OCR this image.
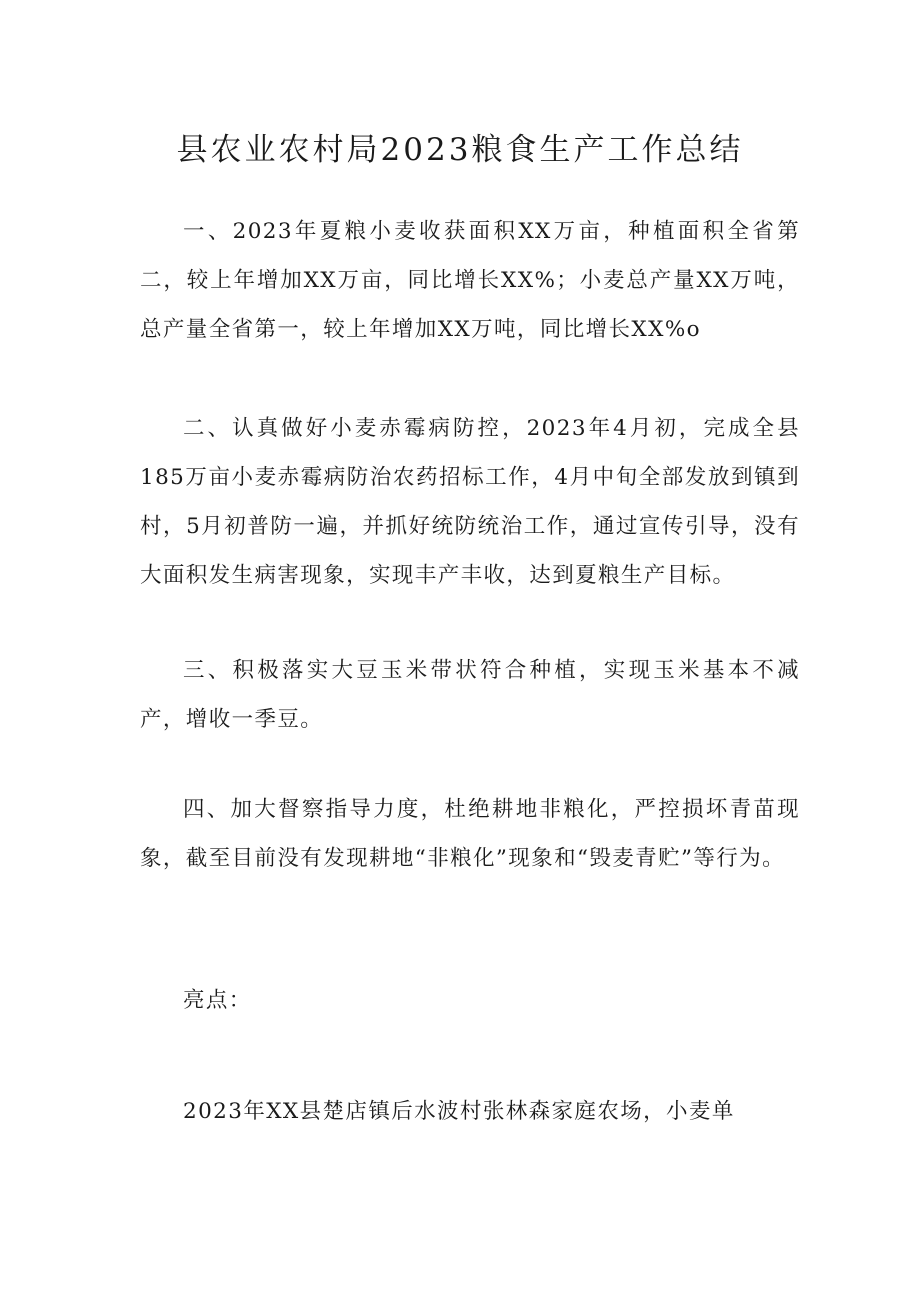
县农业农村局2023粮食生产工作总结

一、2023年夏粮小麦收获面积XX万亩，种植面积全省第二，较上年增加XX万亩，同比增长XX%；小麦总产量XX万吨，总产量全省第一，较上年增加XX万吨，同比增长XX%o

二、认真做好小麦赤霉病防控，2023年4月初，完成全县185万亩小麦赤霉病防治农药招标工作，4月中旬全部发放到镇到村，5月初普防一遍，并抓好统防统治工作，通过宣传引导，没有大面积发生病害现象，实现丰产丰收，达到夏粮生产目标。

三、积极落实大豆玉米带状符合种植，实现玉米基本不减产，增收一季豆。

四、加大督察指导力度，杜绝耕地非粮化，严控损坏青苗现象，截至目前没有发现耕地“非粮化”现象和“毁麦青贮”等行为。

亮点：

2023年XX县楚店镇后水波村张林森家庭农场，小麦单
